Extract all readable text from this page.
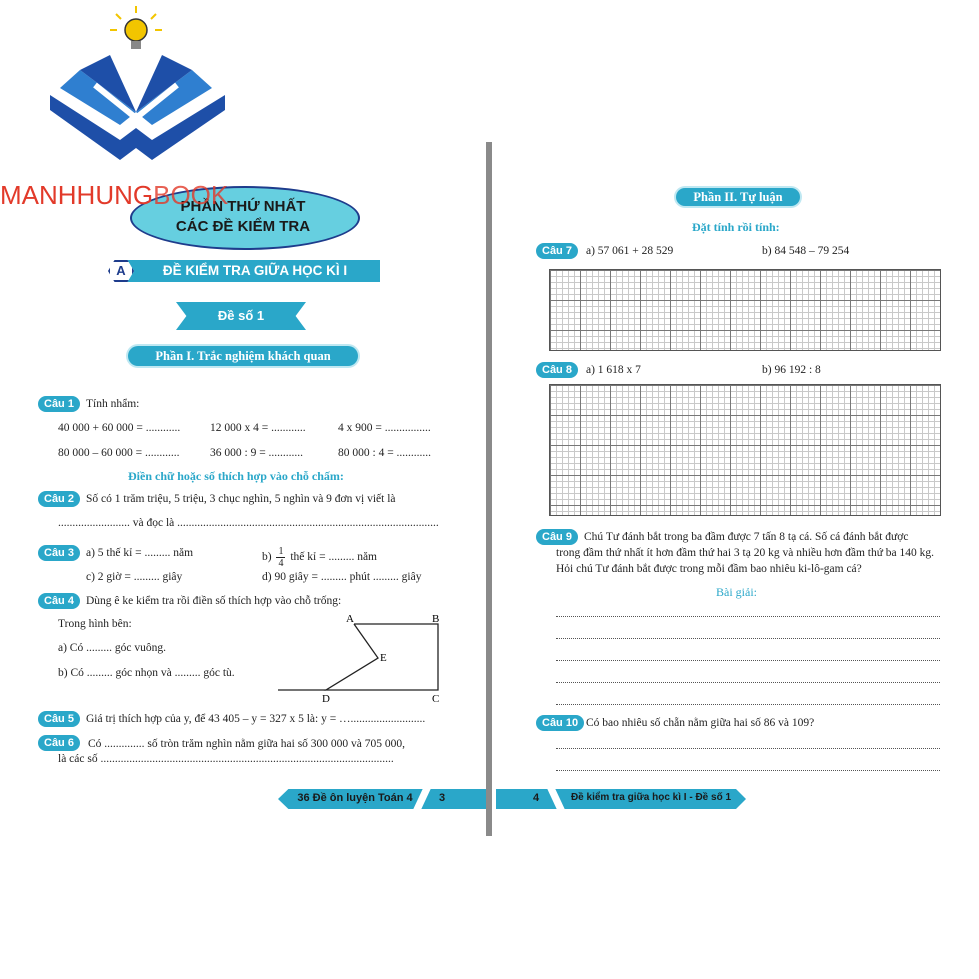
PHẦN THỨ NHẤT
CÁC ĐỀ KIỂM TRA
MANHHUNGBOOK
A	ĐỀ KIỂM TRA GIỮA HỌC KÌ I
Đề số 1
Phần I. Trắc nghiệm khách quan
Câu 1	Tính nhẩm:
40 000 + 60 000 = ............	12 000 x 4 = ............	4 x 900 = ................
80 000 – 60 000 = ............	36 000 : 9 = ............	80 000 : 4 = ............
Điền chữ hoặc số thích hợp vào chỗ chấm:
Câu 2	Số có 1 trăm triệu, 5 triệu, 3 chục nghìn, 5 nghìn và 9 đơn vị viết là
......................... và đọc là ...........................................................................................
Câu 3	a) 5 thế kỉ = ......... năm	$b) \frac{1}{4}$ thế kỉ = ......... năm
c) 2 giờ = ......... giây	d) 90 giây = ......... phút ......... giây
Câu 4	Dùng ê ke kiểm tra rồi điền số thích hợp vào chỗ trống:
Trong hình bên:
a) Có ......... góc vuông.
b) Có ......... góc nhọn và ......... góc tù.
A	B
E
D	C
Câu 5	Giá trị thích hợp của y, để 43 405 – y = 327 x 5 là: y = …..........................
Câu 6	Có .............. số tròn trăm nghìn nằm giữa hai số 300 000 và 705 000,
là các số ......................................................................................................
36 Đề ôn luyện Toán 4	3
Phần II. Tự luận
Đặt tính rồi tính:
Câu 7	a) 57 061 + 28 529	b) 84 548 – 79 254
Câu 8	a) 1 618 x 7	b) 96 192 : 8
Câu 9	Chú Tư đánh bắt trong ba đầm được 7 tấn 8 tạ cá. Số cá đánh bắt được
trong đầm thứ nhất ít hơn đầm thứ hai 3 tạ 20 kg và nhiều hơn đầm thứ ba 140 kg.
Hỏi chú Tư đánh bắt được trong mỗi đầm bao nhiêu ki-lô-gam cá?
Bài giải:
Câu 10 Có bao nhiêu số chẵn nằm giữa hai số 86 và 109?
4	Đề kiểm tra giữa học kì I - Đề số 1
